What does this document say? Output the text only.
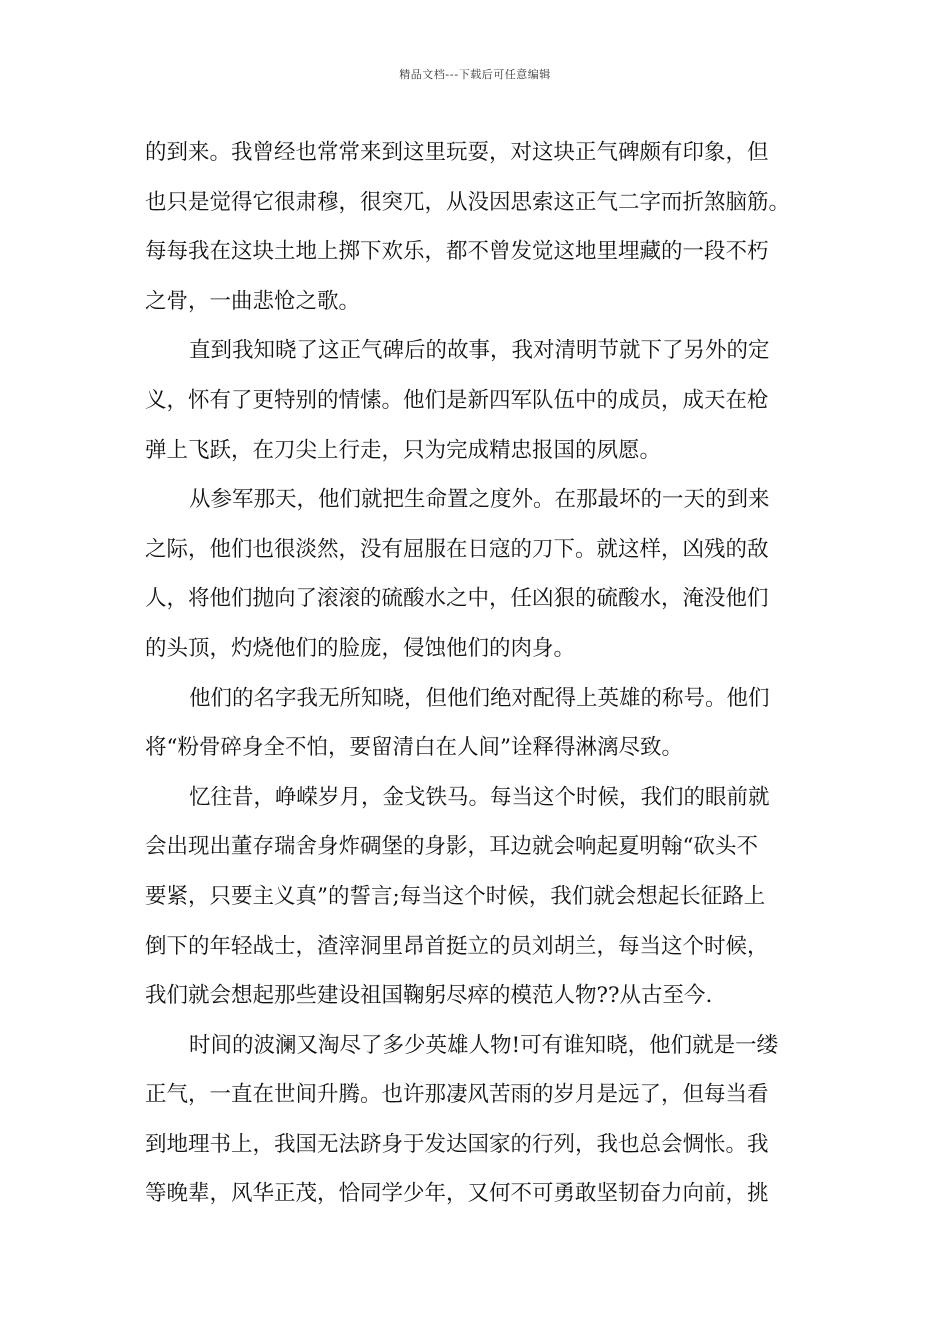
精品文档---下载后可任意编辑
的到来。我曾经也常常来到这里玩耍，对这块正气碑颇有印象，但
也只是觉得它很肃穆，很突兀，从没因思索这正气二字而折煞脑筋。
每每我在这块土地上掷下欢乐，都不曾发觉这地里埋藏的一段不朽
之骨，一曲悲怆之歌。
直到我知晓了这正气碑后的故事，我对清明节就下了另外的定
义，怀有了更特别的情愫。他们是新四军队伍中的成员，成天在枪
弹上飞跃，在刀尖上行走，只为完成精忠报国的夙愿。
从参军那天，他们就把生命置之度外。在那最坏的一天的到来
之际，他们也很淡然，没有屈服在日寇的刀下。就这样，凶残的敌
人，将他们抛向了滚滚的硫酸水之中，任凶狠的硫酸水，淹没他们
的头顶，灼烧他们的脸庞，侵蚀他们的肉身。
他们的名字我无所知晓，但他们绝对配得上英雄的称号。他们
将“粉骨碎身全不怕，要留清白在人间”诠释得淋漓尽致。
忆往昔，峥嵘岁月，金戈铁马。每当这个时候，我们的眼前就
会出现出董存瑞舍身炸碉堡的身影，耳边就会响起夏明翰“砍头不
要紧，只要主义真”的誓言;每当这个时候，我们就会想起长征路上
倒下的年轻战士，渣滓洞里昂首挺立的员刘胡兰，每当这个时候，
我们就会想起那些建设祖国鞠躬尽瘁的模范人物??从古至今.
时间的波澜又淘尽了多少英雄人物!可有谁知晓，他们就是一缕
正气，一直在世间升腾。也许那凄风苦雨的岁月是远了，但每当看
到地理书上，我国无法跻身于发达国家的行列，我也总会惆怅。我
等晚辈，风华正茂，恰同学少年，又何不可勇敢坚韧奋力向前，挑
